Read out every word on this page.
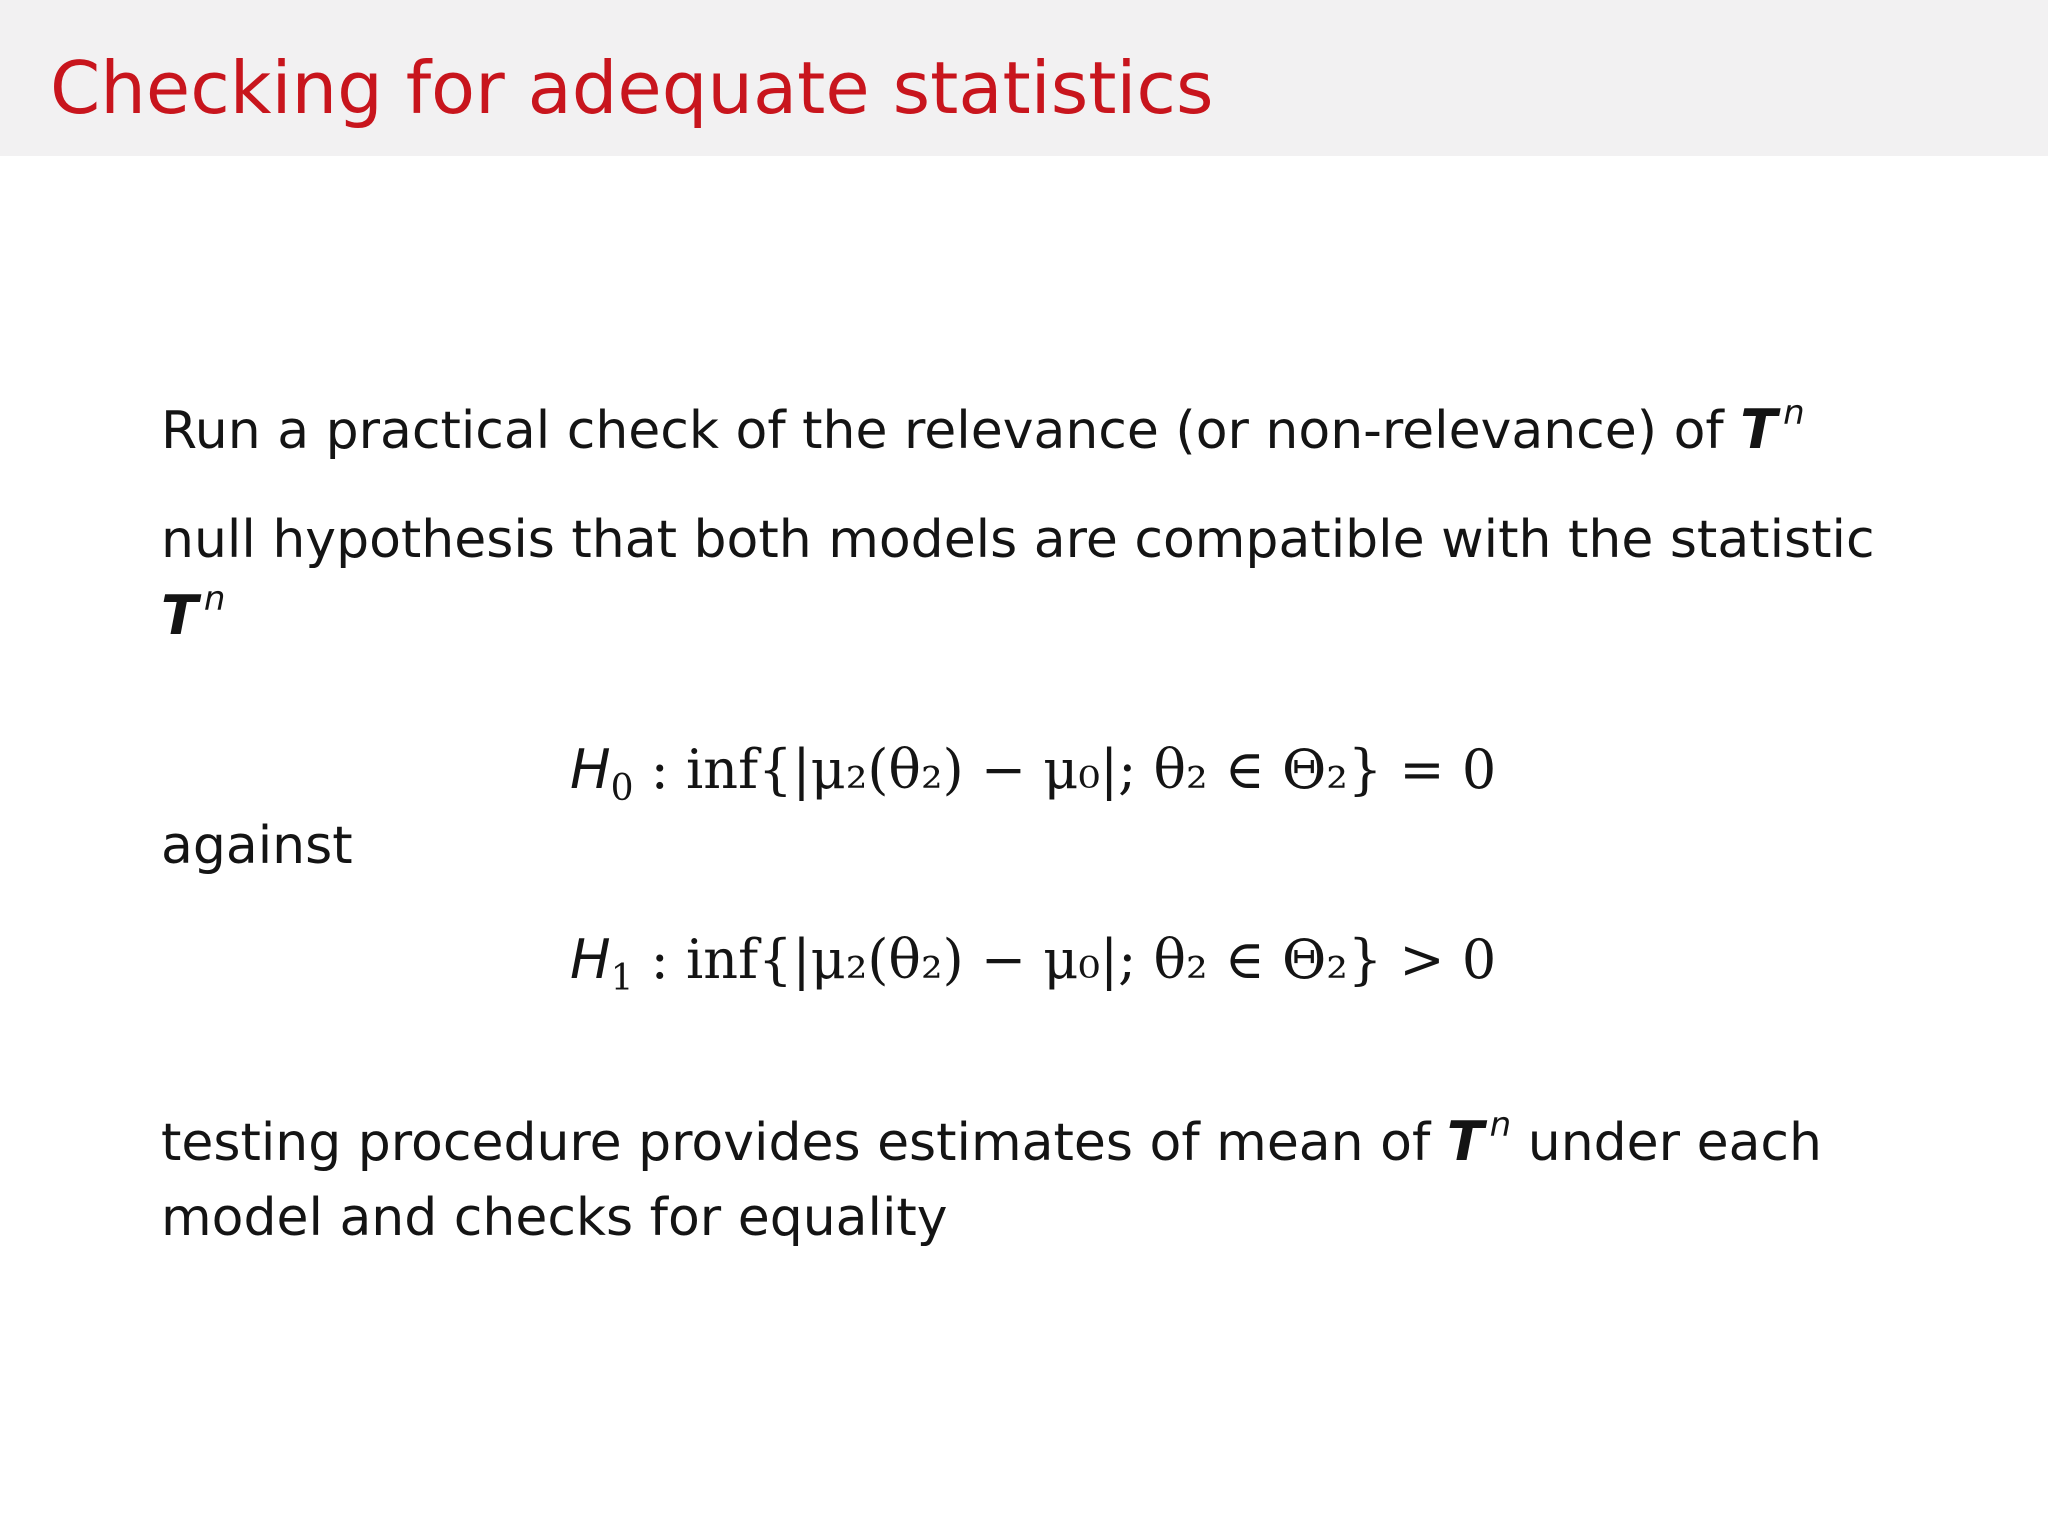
Checking for adequate statistics

Run a practical check of the relevance (or non-relevance) of T $^n$

null hypothesis that both models are compatible with the statistic

T $^n$

$H_0$ : inf{|μ₂(θ₂) − μ₀|; θ₂ ∈ Θ₂} = 0

against

$H_1$ : inf{|μ₂(θ₂) − μ₀|; θ₂ ∈ Θ₂} > 0

testing procedure provides estimates of mean of T $^n$ under each

model and checks for equality
